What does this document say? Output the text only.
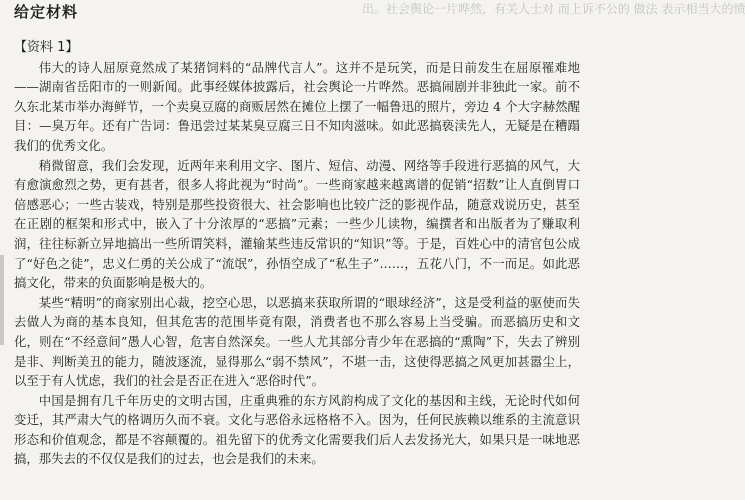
出。社会舆论一片哗然，有关人士对 而上诉不公的 做法 表示相当大的愤
给定材料

【资料 1】

伟大的诗人屈原竟然成了某猪饲料的“品牌代言人”。这并不是玩笑，而是日前发生在屈原罹难地——湖南省岳阳市的一则新闻。此事经媒体披露后，社会舆论一片哗然。恶搞闹剧并非独此一家。前不久东北某市举办海鲜节，一个卖臭豆腐的商贩居然在摊位上摆了一幅鲁迅的照片，旁边 4 个大字赫然醒目：—臭万年。还有广告词：鲁迅尝过某某臭豆腐三日不知肉滋味。如此恶搞亵渎先人，无疑是在糟蹋我们的优秀文化。

稍微留意，我们会发现，近两年来利用文字、图片、短信、动漫、网络等手段进行恶搞的风气，大有愈演愈烈之势，更有甚者，很多人将此视为“时尚”。一些商家越来越离谱的促销“招数”让人直倒胃口倍感恶心；一些古装戏，特别是那些投资很大、社会影响也比较广泛的影视作品，随意戏说历史，甚至在正剧的框架和形式中，嵌入了十分浓厚的“恶搞”元素；一些少儿读物，编撰者和出版者为了赚取利润，往往标新立异地搞出一些所谓笑料，灌输某些违反常识的“知识”等。于是，百姓心中的清官包公成了“好色之徒”，忠义仁勇的关公成了“流氓”，孙悟空成了“私生子”……，五花八门，不一而足。如此恶搞文化，带来的负面影响是极大的。

某些“精明”的商家别出心裁，挖空心思，以恶搞来获取所谓的“眼球经济”，这是受利益的驱使而失去做人为商的基本良知，但其危害的范围毕竟有限，消费者也不那么容易上当受骗。而恶搞历史和文化，则在“不经意间”愚人心智，危害自然深矣。一些人尤其部分青少年在恶搞的“熏陶”下，失去了辨别是非、判断美丑的能力，随波逐流，显得那么“弱不禁风”，不堪一击，这使得恶搞之风更加甚嚣尘上，以至于有人忧虑，我们的社会是否正在进入“恶俗时代”。

中国是拥有几千年历史的文明古国，庄重典雅的东方风韵构成了文化的基因和主线，无论时代如何变迁，其严肃大气的格调历久而不衰。文化与恶俗永远格格不入。因为，任何民族赖以维系的主流意识形态和价值观念，都是不容颠覆的。祖先留下的优秀文化需要我们后人去发扬光大，如果只是一味地恶搞，那失去的不仅仅是我们的过去，也会是我们的未来。
